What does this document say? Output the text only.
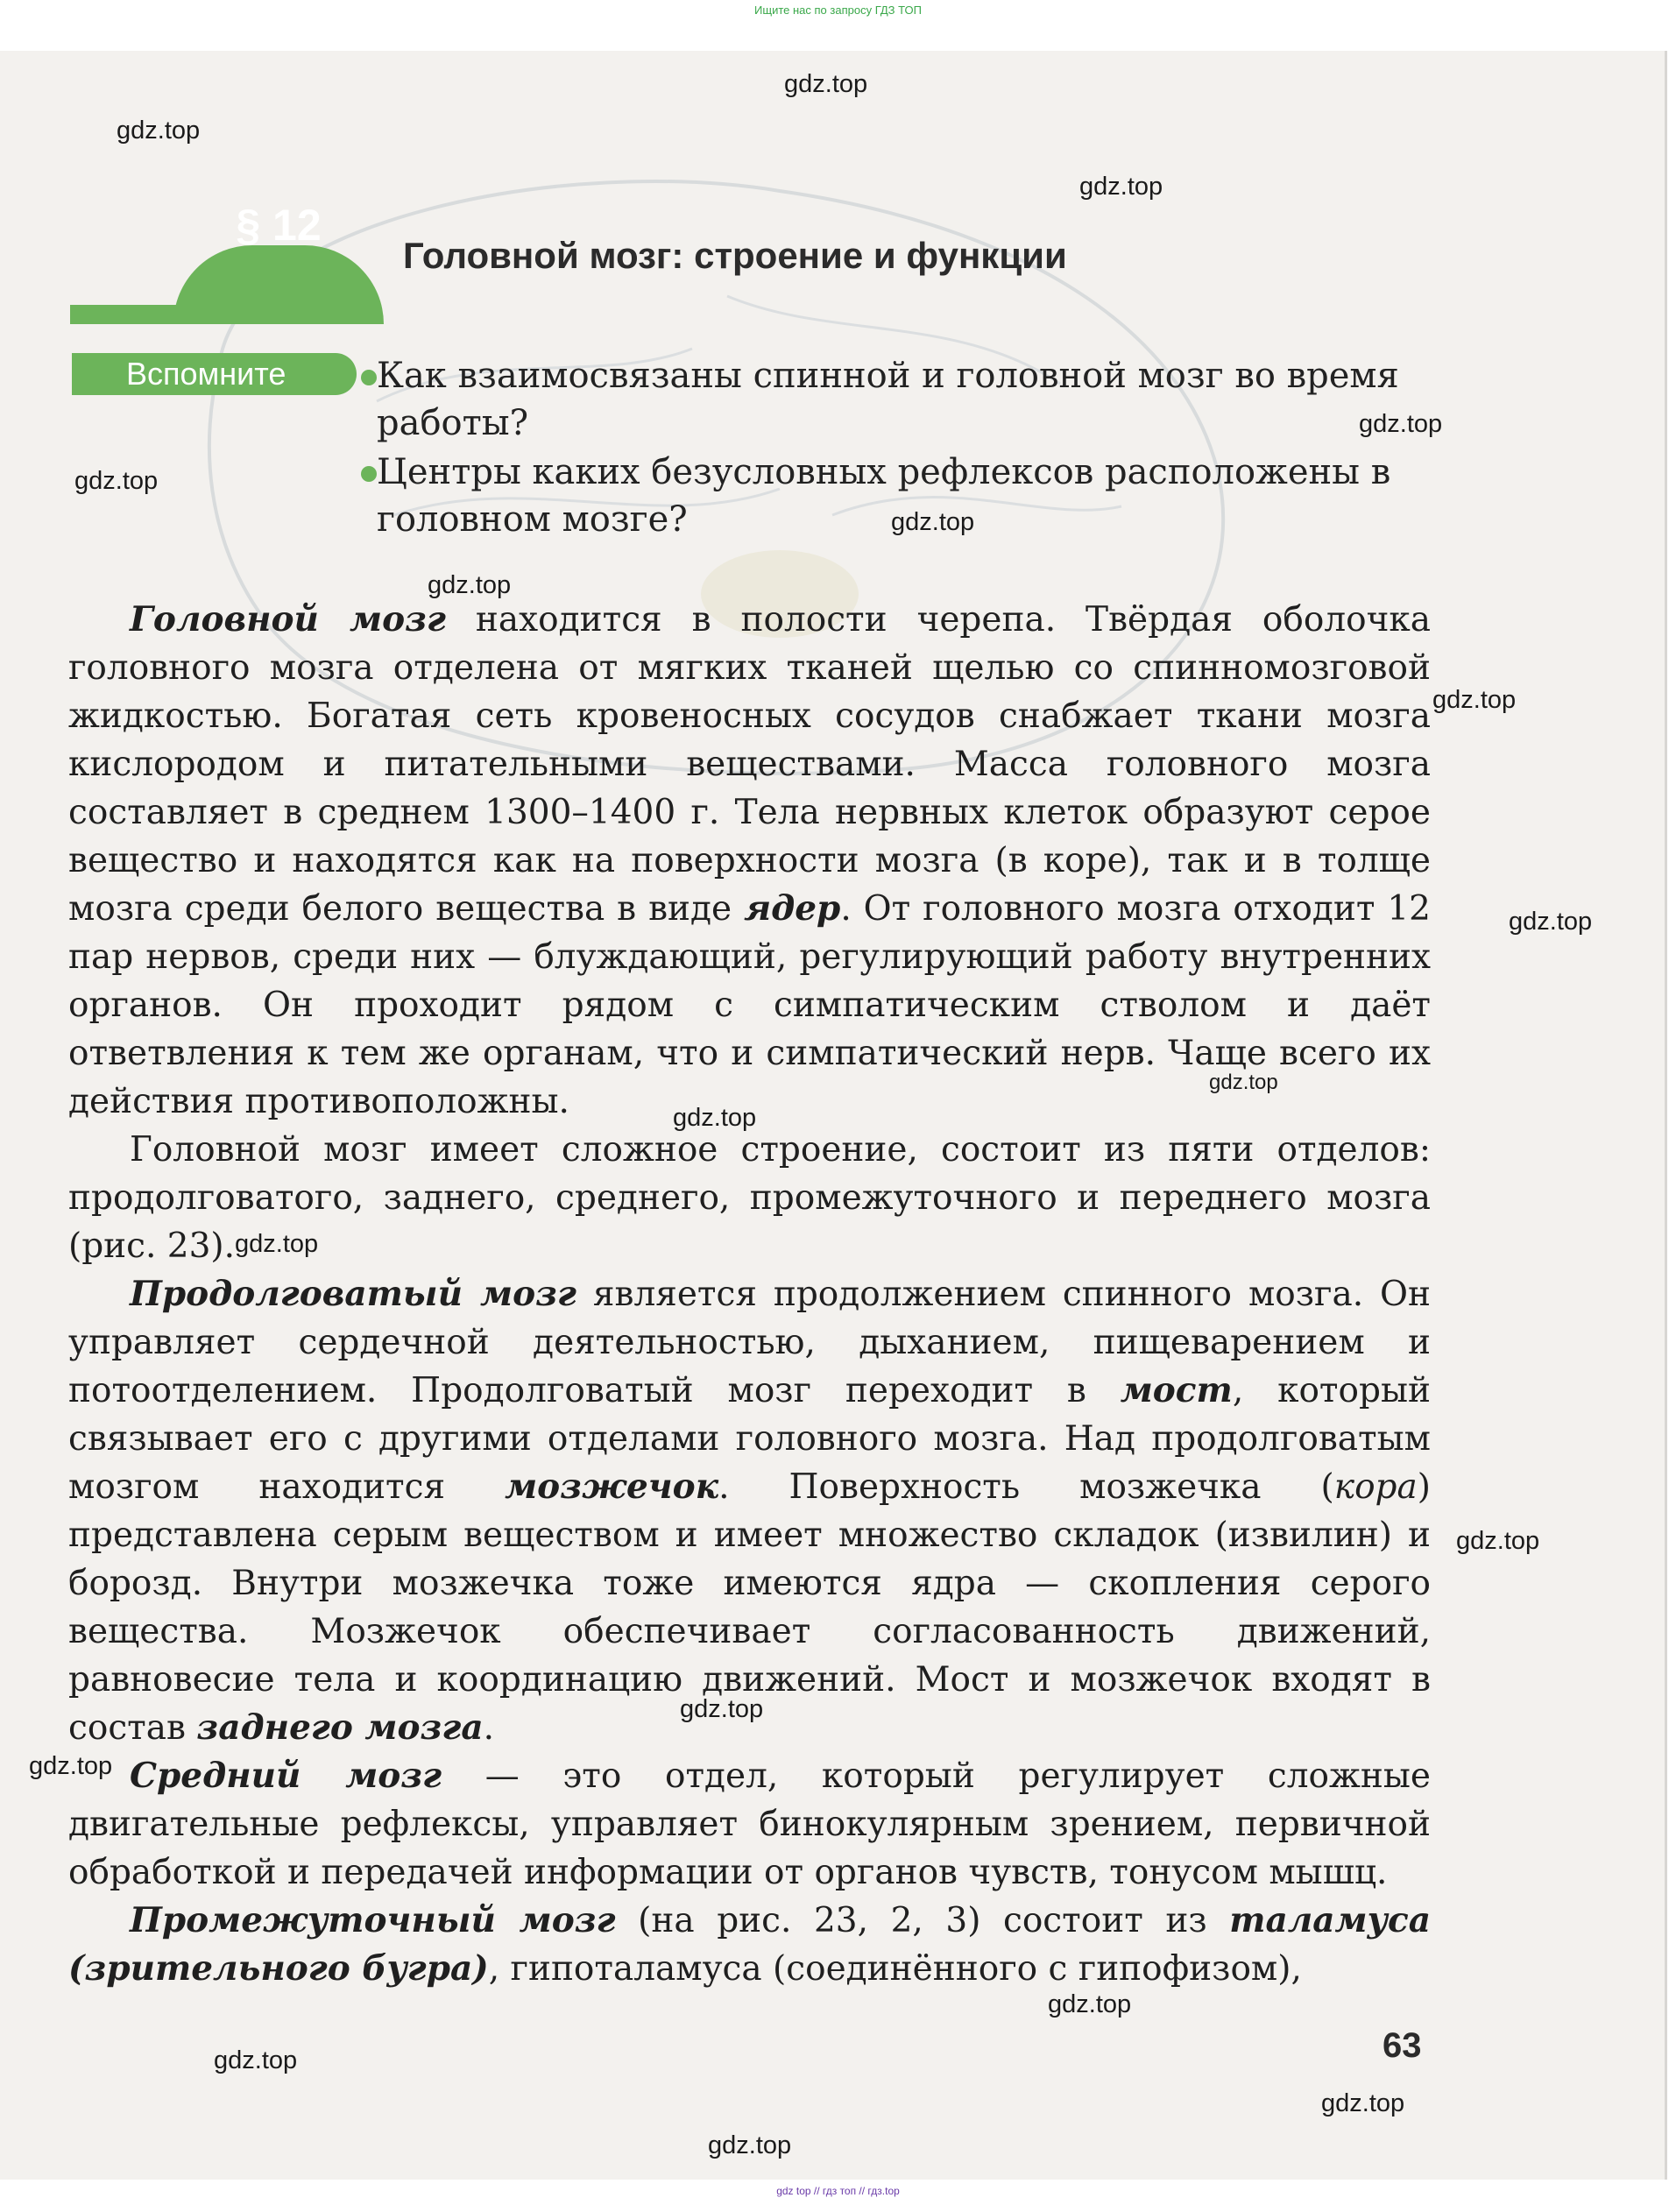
Ищите нас по запросу ГДЗ ТОП
§ 12
Головной мозг: строение и функции
Вспомните	Как взаимосвязаны спинной и головной мозг во время работы?
Центры каких безусловных рефлексов расположены в головном мозге?

Головной мозг находится в полости черепа. Твёрдая оболочка головного мозга отделена от мягких тканей щелью со спинномозговой жидкостью. Богатая сеть кровеносных сосудов снабжает ткани мозга кислородом и питательными веществами. Масса головного мозга составляет в среднем 1300–1400 г. Тела нервных клеток образуют серое вещество и находятся как на поверхности мозга (в коре), так и в толще мозга среди белого вещества в виде ядер. От головного мозга отходит 12 пар нервов, среди них — блуждающий, регулирующий работу внутренних органов. Он проходит рядом с симпатическим стволом и даёт ответвления к тем же органам, что и симпатический нерв. Чаще всего их действия противоположны.

Головной мозг имеет сложное строение, состоит из пяти отделов: продолговатого, заднего, среднего, промежуточного и переднего мозга (рис. 23).

Продолговатый мозг является продолжением спинного мозга. Он управляет сердечной деятельностью, дыханием, пищеварением и потоотделением. Продолговатый мозг переходит в мост, который связывает его с другими отделами головного мозга. Над продолговатым мозгом находится мозжечок. Поверхность мозжечка (кора) представлена серым веществом и имеет множество складок (извилин) и борозд. Внутри мозжечка тоже имеются ядра — скопления серого вещества. Мозжечок обеспечивает согласованность движений, равновесие тела и координацию движений. Мост и мозжечок входят в состав заднего мозга.

Средний мозг — это отдел, который регулирует сложные двигательные рефлексы, управляет бинокулярным зрением, первичной обработкой и передачей информации от органов чувств, тонусом мышц.

Промежуточный мозг (на рис. 23, 2, 3) состоит из таламуса (зрительного бугра), гипоталамуса (соединённого с гипофизом),

63
gdz.top
gdz.top
gdz.top
gdz.top
gdz.top
gdz.top
gdz.top
gdz.top
gdz.top
gdz.top
gdz.top
gdz.top
gdz.top
gdz.top
gdz.top
gdz.top
gdz.top
gdz.top
gdz.top
gdz top // гдз топ // гдз.top
